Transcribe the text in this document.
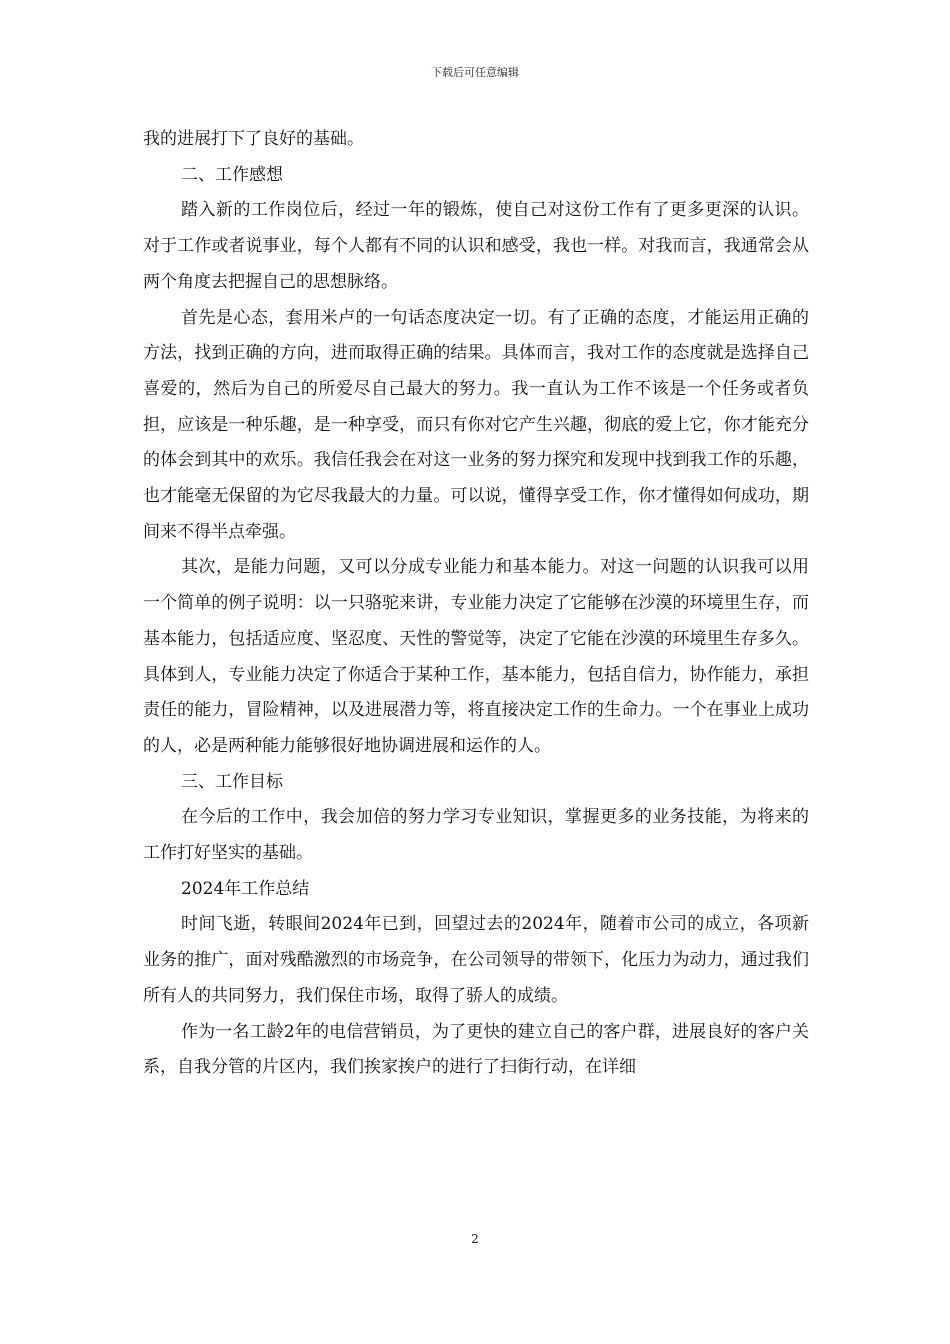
下载后可任意编辑

我的进展打下了良好的基础。

二、工作感想

踏入新的工作岗位后，经过一年的锻炼，使自己对这份工作有了更多更深的认识。对于工作或者说事业，每个人都有不同的认识和感受，我也一样。对我而言，我通常会从两个角度去把握自己的思想脉络。

首先是心态，套用米卢的一句话态度决定一切。有了正确的态度，才能运用正确的方法，找到正确的方向，进而取得正确的结果。具体而言，我对工作的态度就是选择自己喜爱的，然后为自己的所爱尽自己最大的努力。我一直认为工作不该是一个任务或者负担，应该是一种乐趣，是一种享受，而只有你对它产生兴趣，彻底的爱上它，你才能充分的体会到其中的欢乐。我信任我会在对这一业务的努力探究和发现中找到我工作的乐趣，也才能毫无保留的为它尽我最大的力量。可以说，懂得享受工作，你才懂得如何成功，期间来不得半点牵强。

其次，是能力问题，又可以分成专业能力和基本能力。对这一问题的认识我可以用一个简单的例子说明：以一只骆驼来讲，专业能力决定了它能够在沙漠的环境里生存，而基本能力，包括适应度、坚忍度、天性的警觉等，决定了它能在沙漠的环境里生存多久。具体到人，专业能力决定了你适合于某种工作，基本能力，包括自信力，协作能力，承担责任的能力，冒险精神，以及进展潜力等，将直接决定工作的生命力。一个在事业上成功的人，必是两种能力能够很好地协调进展和运作的人。

三、工作目标

在今后的工作中，我会加倍的努力学习专业知识，掌握更多的业务技能，为将来的工作打好坚实的基础。

2024年工作总结

时间飞逝，转眼间2024年已到，回望过去的2024年，随着市公司的成立，各项新业务的推广，面对残酷激烈的市场竞争，在公司领导的带领下，化压力为动力，通过我们所有人的共同努力，我们保住市场，取得了骄人的成绩。

作为一名工龄2年的电信营销员，为了更快的建立自己的客户群，进展良好的客户关系，自我分管的片区内，我们挨家挨户的进行了扫街行动，在详细

2
